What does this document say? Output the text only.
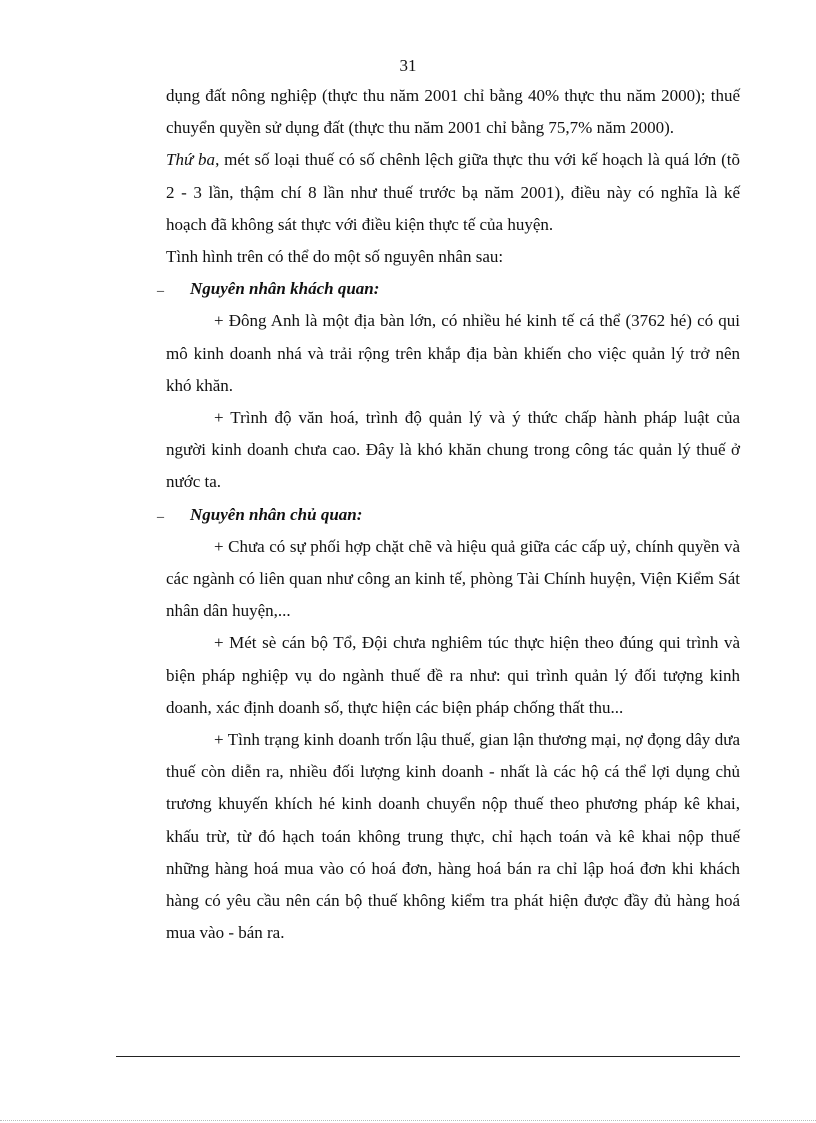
31

dụng đất nông nghiệp (thực thu năm 2001 chỉ bằng 40% thực thu năm 2000); thuế chuyển quyền sử dụng đất (thực thu năm 2001 chỉ bằng 75,7% năm 2000).

Thứ ba, mét số loại thuế có số chênh lệch giữa thực thu với kế hoạch là quá lớn (tõ 2 - 3 lần, thậm chí 8 lần như thuế trước bạ năm 2001), điều này có nghĩa là kế hoạch đã không sát thực với điều kiện thực tế của huyện.

Tình hình trên có thể do một số nguyên nhân sau:

_ Nguyên nhân khách quan:

+ Đông Anh là một địa bàn lớn, có nhiều hé kinh tế cá thể (3762 hé) có qui mô kinh doanh nhá và trải rộng trên khắp địa bàn khiến cho việc quản lý trở nên khó khăn.

+ Trình độ văn hoá, trình độ quản lý và ý thức chấp hành pháp luật của người kinh doanh chưa cao. Đây là khó khăn chung trong công tác quản lý thuế ở nước ta.

_ Nguyên nhân chủ quan:

+ Chưa có sự phối hợp chặt chẽ và hiệu quả giữa các cấp uỷ, chính quyền và các ngành có liên quan như công an kinh tế, phòng Tài Chính huyện, Viện Kiểm Sát nhân dân huyện,...

+ Mét sè cán bộ Tổ, Đội chưa nghiêm túc thực hiện theo đúng qui trình và biện pháp nghiệp vụ do ngành thuế đề ra như: qui trình quản lý đối tượng kinh doanh, xác định doanh số, thực hiện các biện pháp chống thất thu...

+ Tình trạng kinh doanh trốn lậu thuế, gian lận thương mại, nợ đọng dây dưa thuế còn diễn ra, nhiều đối lượng kinh doanh - nhất là các hộ cá thể lợi dụng chủ trương khuyến khích hé kinh doanh chuyển nộp thuế theo phương pháp kê khai, khấu trừ, từ đó hạch toán không trung thực, chỉ hạch toán và kê khai nộp thuế những hàng hoá mua vào có hoá đơn, hàng hoá bán ra chỉ lập hoá đơn khi khách hàng có yêu cầu nên cán bộ thuế không kiểm tra phát hiện được đầy đủ hàng hoá mua vào - bán ra.
